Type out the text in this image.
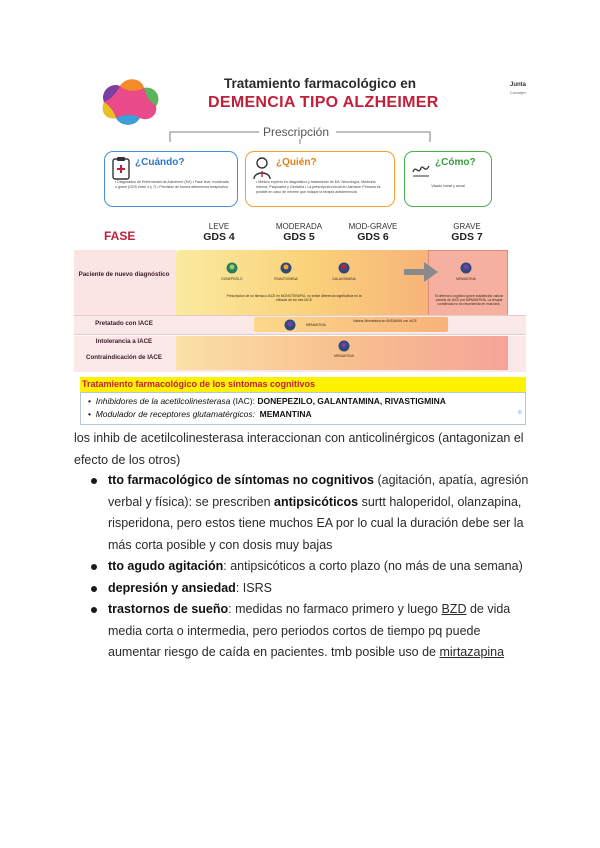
Junta
Consejer
Tratamiento farmacológico en
DEMENCIA TIPO ALZHEIMER
Prescripción
¿Cuándo?
• Diagnóstico de Enfermedad de Alzheimer (EA) • Fase leve, moderada o grave (GDS entre 4 y 7) • Previsión de buena adherencia terapéutica
¿Quién?
• Médico experto en diagnóstico y tratamiento de EA: Neurología, Medicina Interna, Psiquiatría y Geriatría • La prescripción inicial en Atención Primaria es posible en caso de informe que indique la terapia antidemencia
¿Cómo?
Visado inicial y anual
FASE
LEVE
GDS 4
MODERADA
GDS 5
MOD-GRAVE
GDS 6
GRAVE
GDS 7
Paciente de nuevo diagnóstico
Pretatado con IACE
Intolerancia a IACE
Contraindicación de IACE
DONEPEZILO	RIVASTIGMINA	GALANTAMINA	MEMANTINA
Prescripción de un fármaco IACE en MONOTERAPIA, no existe diferencia significativa en la eficacia de los tres IACE
Si deterioro cognitivo grave establecido valorar cambio de IACE por MEMANTINA. La terapia combinada no se recomienda en esta fase.
MEMANTINA
Valorar Memantina en ANSIAMIN con IACE
MEMANTINA
Tratamiento farmacológico de los síntomas cognitivos
•  Inhibidores de la acetilcolinesterasa (IAC): DONEPEZILO, GALANTAMINA, RIVASTIGMINA
•  Modulador de receptores glutamatérgicos: MEMANTINA	©
los inhib de acetilcolinesterasa interaccionan con anticolinérgicos (antagonizan el efecto de los otros)
tto farmacológico de síntomas no cognitivos (agitación, apatía, agresión verbal y física): se prescriben antipsicóticos surtt haloperidol, olanzapina, risperidona, pero estos tiene muchos EA por lo cual la duración debe ser la más corta posible y con dosis muy bajas
tto agudo agitación: antipsicóticos a corto plazo (no más de una semana)
depresión y ansiedad: ISRS
trastornos de sueño: medidas no farmaco primero y luego BZD de vida media corta o intermedia, pero periodos cortos de tiempo pq puede aumentar riesgo de caída en pacientes. tmb posible uso de mirtazapina
